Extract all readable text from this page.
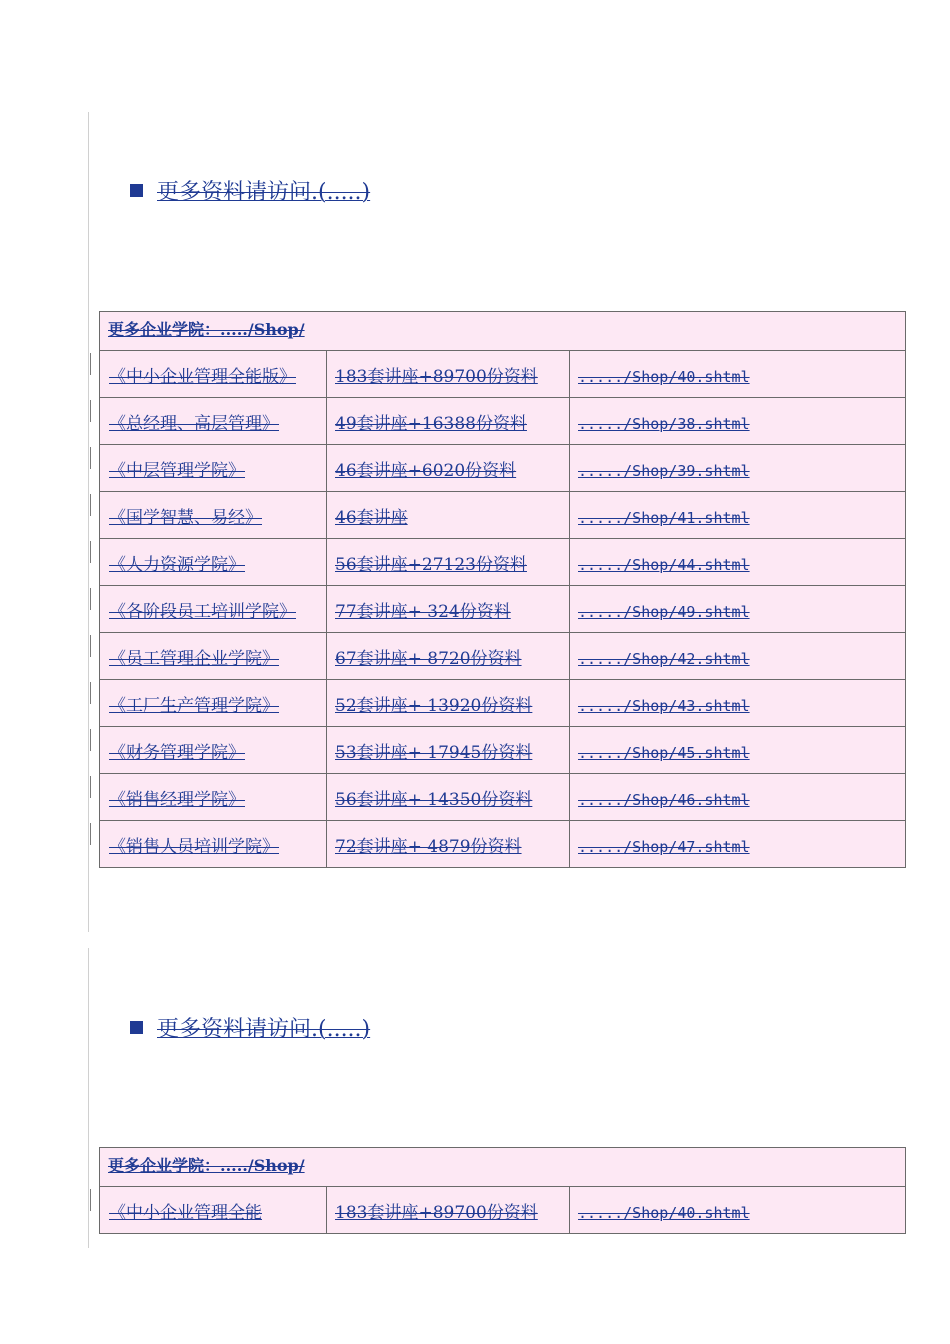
更多资料请访问.(.....)
更多企业学院：...../Shop/		
《中小企业管理全能版》	183套讲座+89700份资料	...../Shop/40.shtml
《总经理、高层管理》	49套讲座+16388份资料	...../Shop/38.shtml
《中层管理学院》	46套讲座+6020份资料	...../Shop/39.shtml
《国学智慧、易经》	46套讲座	...../Shop/41.shtml
《人力资源学院》	56套讲座+27123份资料	...../Shop/44.shtml
《各阶段员工培训学院》	77套讲座+ 324份资料	...../Shop/49.shtml
《员工管理企业学院》	67套讲座+ 8720份资料	...../Shop/42.shtml
《工厂生产管理学院》	52套讲座+ 13920份资料	...../Shop/43.shtml
《财务管理学院》	53套讲座+ 17945份资料	...../Shop/45.shtml
《销售经理学院》	56套讲座+ 14350份资料	...../Shop/46.shtml
《销售人员培训学院》	72套讲座+ 4879份资料	...../Shop/47.shtml
更多资料请访问.(.....)
更多企业学院：...../Shop/
《中小企业管理全能	183套讲座+89700份资料	...../Shop/40.shtml
